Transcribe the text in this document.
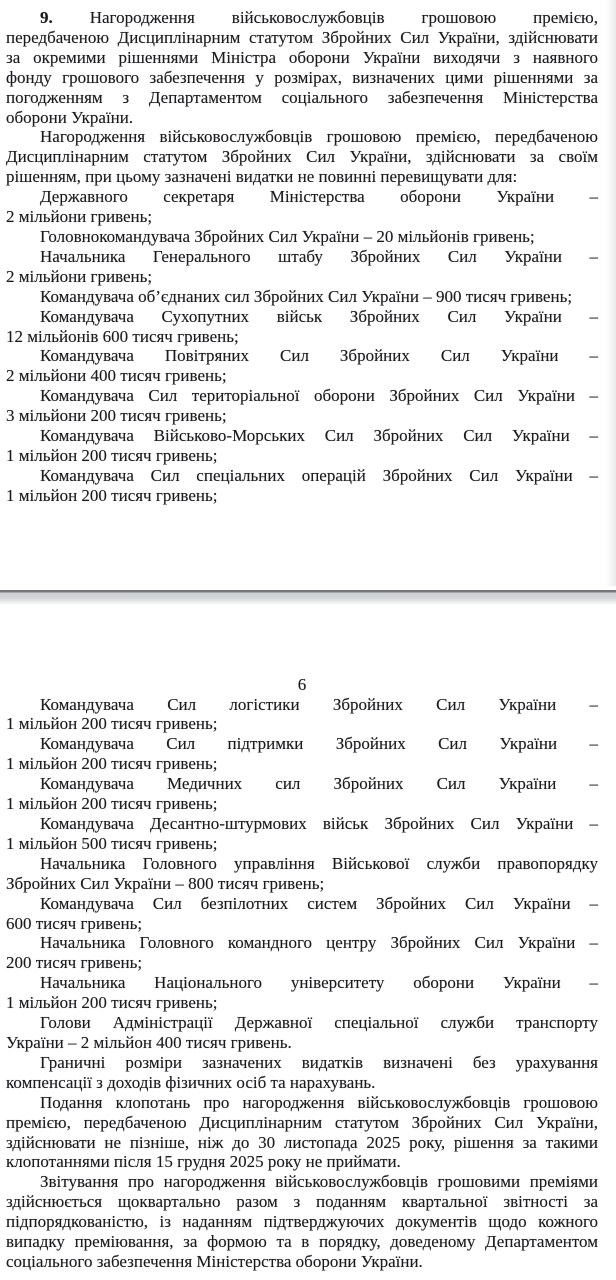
9. Нагородження військовослужбовців грошовою премією,
передбаченою Дисциплінарним статутом Збройних Сил України, здійснювати
за окремими рішеннями Міністра оборони України виходячи з наявного
фонду грошового забезпечення у розмірах, визначених цими рішеннями за
погодженням з Департаментом соціального забезпечення Міністерства
оборони України.
Нагородження військовослужбовців грошовою премією, передбаченою
Дисциплінарним статутом Збройних Сил України, здійснювати за своїм
рішенням, при цьому зазначені видатки не повинні перевищувати для:
Державного секретаря Міністерства оборони України –
2 мільйони гривень;
Головнокомандувача Збройних Сил України – 20 мільйонів гривень;
Начальника Генерального штабу Збройних Сил України –
2 мільйони гривень;
Командувача об’єднаних сил Збройних Сил України – 900 тисяч гривень;
Командувача Сухопутних військ Збройних Сил України –
12 мільйонів 600 тисяч гривень;
Командувача Повітряних Сил Збройних Сил України –
2 мільйони 400 тисяч гривень;
Командувача Сил територіальної оборони Збройних Сил України –
3 мільйони 200 тисяч гривень;
Командувача Військово-Морських Сил Збройних Сил України –
1 мільйон 200 тисяч гривень;
Командувача Сил спеціальних операцій Збройних Сил України –
1 мільйон 200 тисяч гривень;
6
Командувача Сил логістики Збройних Сил України –
1 мільйон 200 тисяч гривень;
Командувача Сил підтримки Збройних Сил України –
1 мільйон 200 тисяч гривень;
Командувача Медичних сил Збройних Сил України –
1 мільйон 200 тисяч гривень;
Командувача Десантно-штурмових військ Збройних Сил України –
1 мільйон 500 тисяч гривень;
Начальника Головного управління Військової служби правопорядку
Збройних Сил України – 800 тисяч гривень;
Командувача Сил безпілотних систем Збройних Сил України –
600 тисяч гривень;
Начальника Головного командного центру Збройних Сил України –
200 тисяч гривень;
Начальника Національного університету оборони України –
1 мільйон 200 тисяч гривень;
Голови Адміністрації Державної спеціальної служби транспорту
України – 2 мільйон 400 тисяч гривень.
Граничні розміри зазначених видатків визначені без урахування
компенсації з доходів фізичних осіб та нарахувань.
Подання клопотань про нагородження військовослужбовців грошовою
премією, передбаченою Дисциплінарним статутом Збройних Сил України,
здійснювати не пізніше, ніж до 30 листопада 2025 року, рішення за такими
клопотаннями після 15 грудня 2025 року не приймати.
Звітування про нагородження військовослужбовців грошовими преміями
здійснюється щоквартально разом з поданням квартальної звітності за
підпорядкованістю, із наданням підтверджуючих документів щодо кожного
випадку преміювання, за формою та в порядку, доведеному Департаментом
соціального забезпечення Міністерства оборони України.
